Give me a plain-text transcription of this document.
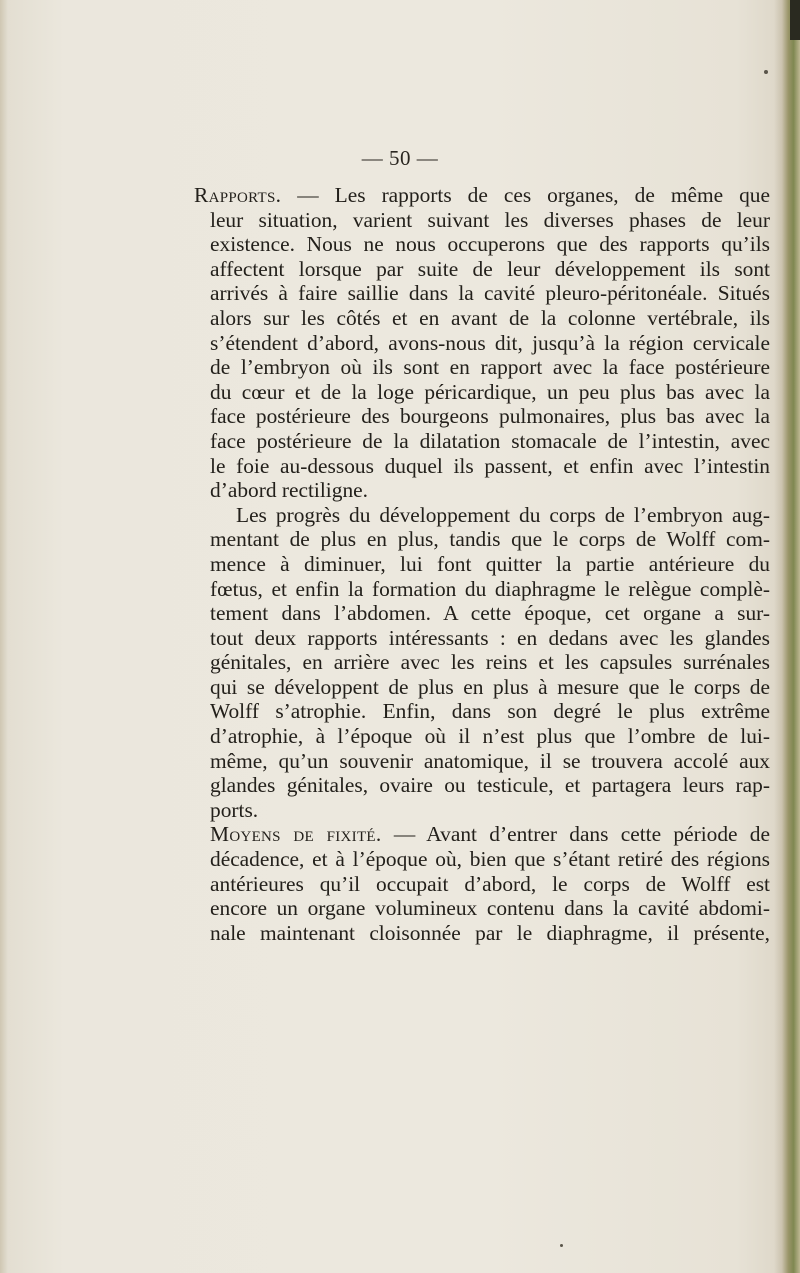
— 50 —
Rapports. — Les rapports de ces organes, de même que
leur situation, varient suivant les diverses phases de leur
existence. Nous ne nous occuperons que des rapports qu’ils
affectent lorsque par suite de leur développement ils sont
arrivés à faire saillie dans la cavité pleuro-péritonéale. Situés
alors sur les côtés et en avant de la colonne vertébrale, ils
s’étendent d’abord, avons-nous dit, jusqu’à la région cervicale
de l’embryon où ils sont en rapport avec la face postérieure
du cœur et de la loge péricardique, un peu plus bas avec la
face postérieure des bourgeons pulmonaires, plus bas avec la
face postérieure de la dilatation stomacale de l’intestin, avec
le foie au-dessous duquel ils passent, et enfin avec l’intestin
d’abord rectiligne.
Les progrès du développement du corps de l’embryon aug-
mentant de plus en plus, tandis que le corps de Wolff com-
mence à diminuer, lui font quitter la partie antérieure du
fœtus, et enfin la formation du diaphragme le relègue complè-
tement dans l’abdomen. A cette époque, cet organe a sur-
tout deux rapports intéressants : en dedans avec les glandes
génitales, en arrière avec les reins et les capsules surrénales
qui se développent de plus en plus à mesure que le corps de
Wolff s’atrophie. Enfin, dans son degré le plus extrême
d’atrophie, à l’époque où il n’est plus que l’ombre de lui-
même, qu’un souvenir anatomique, il se trouvera accolé aux
glandes génitales, ovaire ou testicule, et partagera leurs rap-
ports.
Moyens de fixité. — Avant d’entrer dans cette période de
décadence, et à l’époque où, bien que s’étant retiré des régions
antérieures qu’il occupait d’abord, le corps de Wolff est
encore un organe volumineux contenu dans la cavité abdomi-
nale maintenant cloisonnée par le diaphragme, il présente,
